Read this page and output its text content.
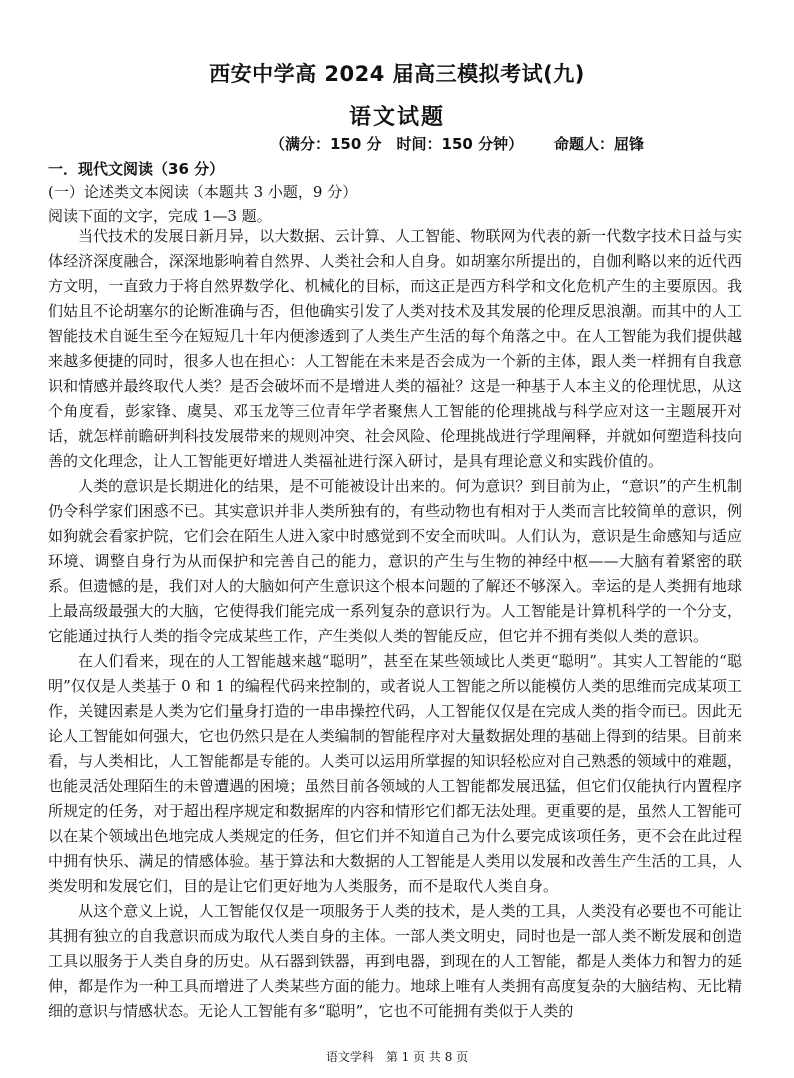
西安中学高 2024 届高三模拟考试(九)
语文试题
（满分：150 分　时间：150 分钟） 命题人：屈锋
一．现代文阅读（36 分）
(一）论述类文本阅读（本题共 3 小题，9 分）
阅读下面的文字，完成 1—3 题。

当代技术的发展日新月异，以大数据、云计算、人工智能、物联网为代表的新一代数字技术日益与实体经济深度融合，深深地影响着自然界、人类社会和人自身。如胡塞尔所提出的，自伽利略以来的近代西方文明，一直致力于将自然界数学化、机械化的目标，而这正是西方科学和文化危机产生的主要原因。我们姑且不论胡塞尔的论断准确与否，但他确实引发了人类对技术及其发展的伦理反思浪潮。而其中的人工智能技术自诞生至今在短短几十年内便渗透到了人类生产生活的每个角落之中。在人工智能为我们提供越来越多便捷的同时，很多人也在担心：人工智能在未来是否会成为一个新的主体，跟人类一样拥有自我意识和情感并最终取代人类？是否会破坏而不是增进人类的福祉？这是一种基于人本主义的伦理忧思，从这个角度看，彭家锋、虞昊、邓玉龙等三位青年学者聚焦人工智能的伦理挑战与科学应对这一主题展开对话，就怎样前瞻研判科技发展带来的规则冲突、社会风险、伦理挑战进行学理阐释，并就如何塑造科技向善的文化理念，让人工智能更好增进人类福祉进行深入研讨，是具有理论意义和实践价值的。

人类的意识是长期进化的结果，是不可能被设计出来的。何为意识？到目前为止，“意识”的产生机制仍令科学家们困惑不已。其实意识并非人类所独有的，有些动物也有相对于人类而言比较简单的意识，例如狗就会看家护院，它们会在陌生人进入家中时感觉到不安全而吠叫。人们认为，意识是生命感知与适应环境、调整自身行为从而保护和完善自己的能力，意识的产生与生物的神经中枢——大脑有着紧密的联系。但遗憾的是，我们对人的大脑如何产生意识这个根本问题的了解还不够深入。幸运的是人类拥有地球上最高级最强大的大脑，它使得我们能完成一系列复杂的意识行为。人工智能是计算机科学的一个分支，它能通过执行人类的指令完成某些工作，产生类似人类的智能反应，但它并不拥有类似人类的意识。

在人们看来，现在的人工智能越来越“聪明”，甚至在某些领域比人类更“聪明”。其实人工智能的“聪明”仅仅是人类基于 0 和 1 的编程代码来控制的，或者说人工智能之所以能模仿人类的思维而完成某项工作，关键因素是人类为它们量身打造的一串串操控代码，人工智能仅仅是在完成人类的指令而已。因此无论人工智能如何强大，它也仍然只是在人类编制的智能程序对大量数据处理的基础上得到的结果。目前来看，与人类相比，人工智能都是专能的。人类可以运用所掌握的知识轻松应对自己熟悉的领域中的难题，也能灵活处理陌生的未曾遭遇的困境；虽然目前各领域的人工智能都发展迅猛，但它们仅能执行内置程序所规定的任务，对于超出程序规定和数据库的内容和情形它们都无法处理。更重要的是，虽然人工智能可以在某个领域出色地完成人类规定的任务，但它们并不知道自己为什么要完成该项任务，更不会在此过程中拥有快乐、满足的情感体验。基于算法和大数据的人工智能是人类用以发展和改善生产生活的工具，人类发明和发展它们，目的是让它们更好地为人类服务，而不是取代人类自身。

从这个意义上说，人工智能仅仅是一项服务于人类的技术，是人类的工具，人类没有必要也不可能让其拥有独立的自我意识而成为取代人类自身的主体。一部人类文明史，同时也是一部人类不断发展和创造工具以服务于人类自身的历史。从石器到铁器，再到电器，到现在的人工智能，都是人类体力和智力的延伸，都是作为一种工具而增进了人类某些方面的能力。地球上唯有人类拥有高度复杂的大脑结构、无比精细的意识与情感状态。无论人工智能有多“聪明”，它也不可能拥有类似于人类的

语文学科　第 1 页 共 8 页
